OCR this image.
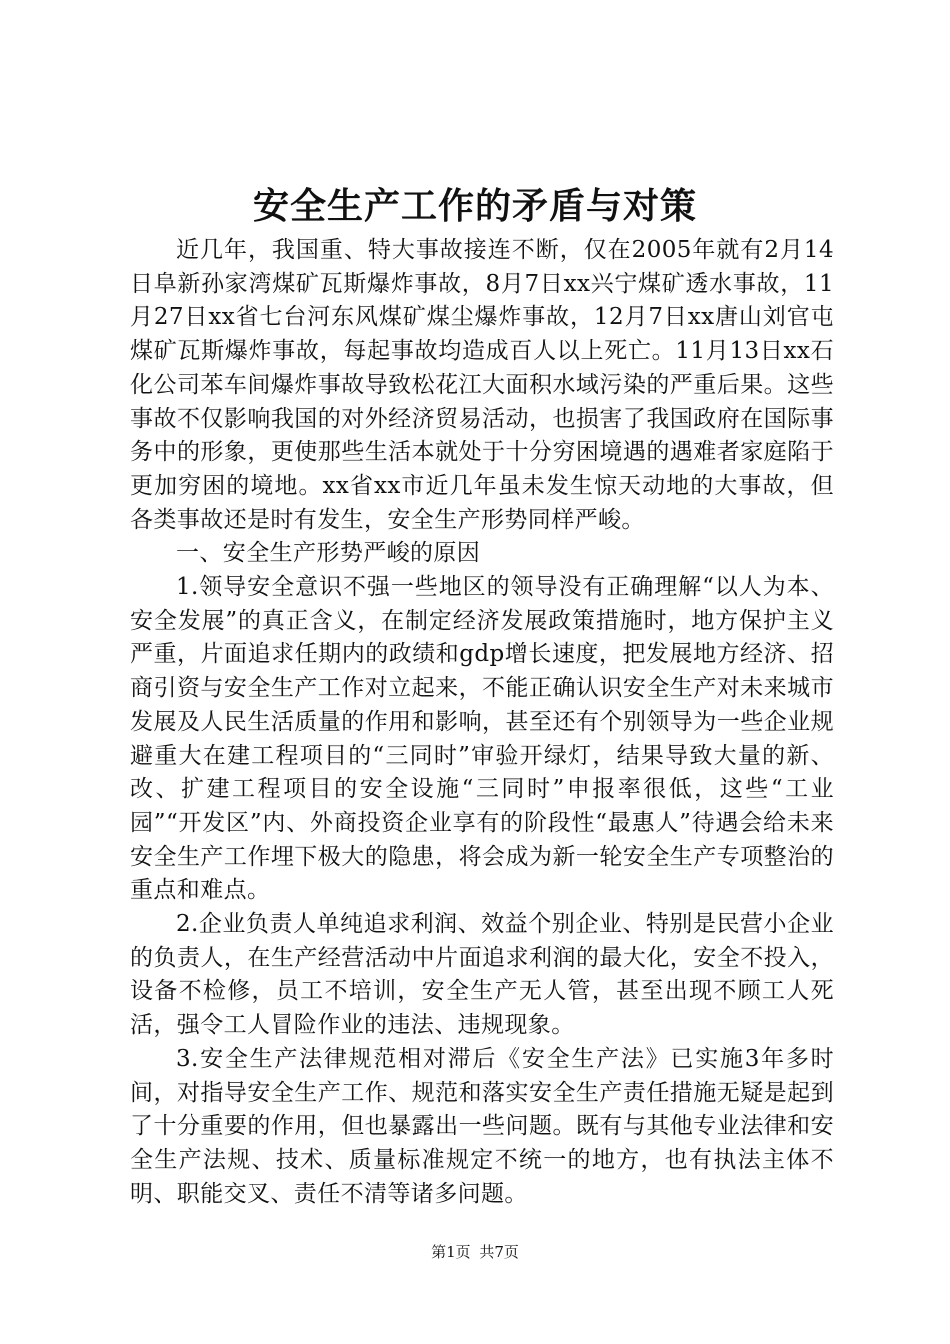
安全生产工作的矛盾与对策

近几年，我国重、特大事故接连不断，仅在2005年就有2月14日阜新孙家湾煤矿瓦斯爆炸事故，8月7日xx兴宁煤矿透水事故，11月27日xx省七台河东风煤矿煤尘爆炸事故，12月7日xx唐山刘官屯煤矿瓦斯爆炸事故，每起事故均造成百人以上死亡。11月13日xx石化公司苯车间爆炸事故导致松花江大面积水域污染的严重后果。这些事故不仅影响我国的对外经济贸易活动，也损害了我国政府在国际事务中的形象，更使那些生活本就处于十分穷困境遇的遇难者家庭陷于更加穷困的境地。xx省xx市近几年虽未发生惊天动地的大事故，但各类事故还是时有发生，安全生产形势同样严峻。

一、安全生产形势严峻的原因

1.领导安全意识不强一些地区的领导没有正确理解“以人为本、安全发展”的真正含义，在制定经济发展政策措施时，地方保护主义严重，片面追求任期内的政绩和gdp增长速度，把发展地方经济、招商引资与安全生产工作对立起来，不能正确认识安全生产对未来城市发展及人民生活质量的作用和影响，甚至还有个别领导为一些企业规避重大在建工程项目的“三同时”审验开绿灯，结果导致大量的新、改、扩建工程项目的安全设施“三同时”申报率很低，这些“工业园”“开发区”内、外商投资企业享有的阶段性“最惠人”待遇会给未来安全生产工作埋下极大的隐患，将会成为新一轮安全生产专项整治的重点和难点。

2.企业负责人单纯追求利润、效益个别企业、特别是民营小企业的负责人，在生产经营活动中片面追求利润的最大化，安全不投入，设备不检修，员工不培训，安全生产无人管，甚至出现不顾工人死活，强令工人冒险作业的违法、违规现象。

3.安全生产法律规范相对滞后《安全生产法》已实施3年多时间，对指导安全生产工作、规范和落实安全生产责任措施无疑是起到了十分重要的作用，但也暴露出一些问题。既有与其他专业法律和安全生产法规、技术、质量标准规定不统一的地方，也有执法主体不明、职能交叉、责任不清等诸多问题。

第1页 共7页
